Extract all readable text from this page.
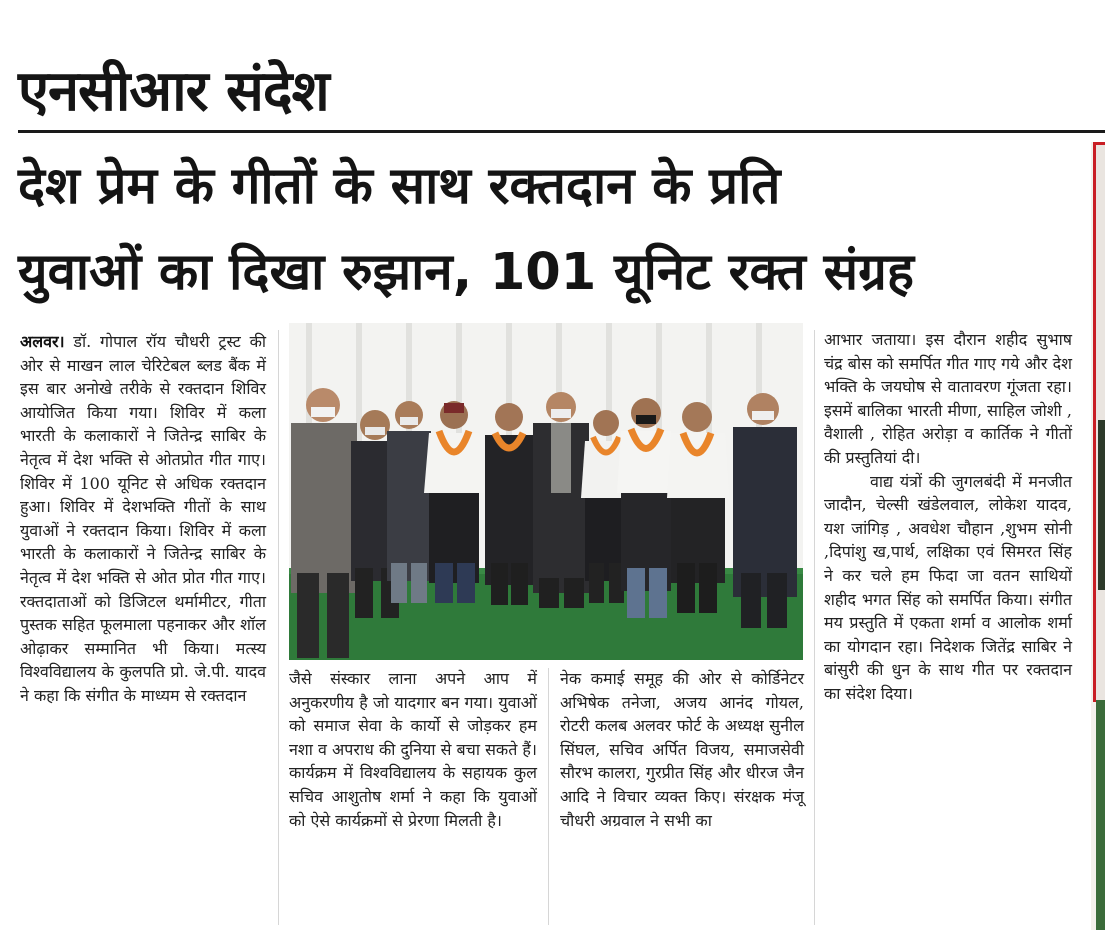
एनसीआर संदेश
देश प्रेम के गीतों के साथ रक्तदान के प्रति
युवाओं का दिखा रुझान, 101 यूनिट रक्त संग्रह

अलवर। डॉ. गोपाल रॉय चौधरी ट्रस्ट की ओर से माखन लाल चेरिटेबल ब्लड बैंक में इस बार अनोखे तरीके से रक्तदान शिविर आयोजित किया गया। शिविर में कला भारती के कलाकारों ने जितेन्द्र साबिर के नेतृत्व में देश भक्ति से ओतप्रोत गीत गाए। शिविर में 100 यूनिट से अधिक रक्तदान हुआ। शिविर में देशभक्ति गीतों के साथ युवाओं ने रक्तदान किया। शिविर में कला भारती के कलाकारों ने जितेन्द्र साबिर के नेतृत्व में देश भक्ति से ओत प्रोत गीत गाए। रक्तदाताओं को डिजिटल थर्मामीटर, गीता पुस्तक सहित फूलमाला पहनाकर और शॉल ओढ़ाकर सम्मानित भी किया। मत्स्य विश्वविद्यालय के कुलपति प्रो. जे.पी. यादव ने कहा कि संगीत के माध्यम से रक्तदान

जैसे संस्कार लाना अपने आप में अनुकरणीय है जो यादगार बन गया। युवाओं को समाज सेवा के कार्यो से जोड़कर हम नशा व अपराध की दुनिया से बचा सकते हैं। कार्यक्रम में विश्वविद्यालय के सहायक कुल सचिव आशुतोष शर्मा ने कहा कि युवाओं को ऐसे कार्यक्रमों से प्रेरणा मिलती है।

नेक कमाई समूह की ओर से कोर्डिनेटर अभिषेक तनेजा, अजय आनंद गोयल, रोटरी कलब अलवर फोर्ट के अध्यक्ष सुनील सिंघल, सचिव अर्पित विजय, समाजसेवी सौरभ कालरा, गुरप्रीत सिंह और धीरज जैन आदि ने विचार व्यक्त किए। संरक्षक मंजू चौधरी अग्रवाल ने सभी का

आभार जताया। इस दौरान शहीद सुभाष चंद्र बोस को समर्पित गीत गाए गये और देश भक्ति के जयघोष से वातावरण गूंजता रहा। इसमें बालिका भारती मीणा, साहिल जोशी , वैशाली , रोहित अरोड़ा व कार्तिक ने गीतों की प्रस्तुतियां दी।

वाद्य यंत्रों की जुगलबंदी में मनजीत जादौन, चेल्सी खंडेलवाल, लोकेश यादव, यश जांगिड़ , अवधेश चौहान ,शुभम सोनी ,दिपांशु ख,पार्थ, लक्षिका एवं सिमरत सिंह ने कर चले हम फिदा जा वतन साथियों शहीद भगत सिंह को समर्पित किया। संगीत मय प्रस्तुति में एकता शर्मा व आलोक शर्मा का योगदान रहा। निदेशक जितेंद्र साबिर ने बांसुरी की धुन के साथ गीत पर रक्तदान का संदेश दिया।
